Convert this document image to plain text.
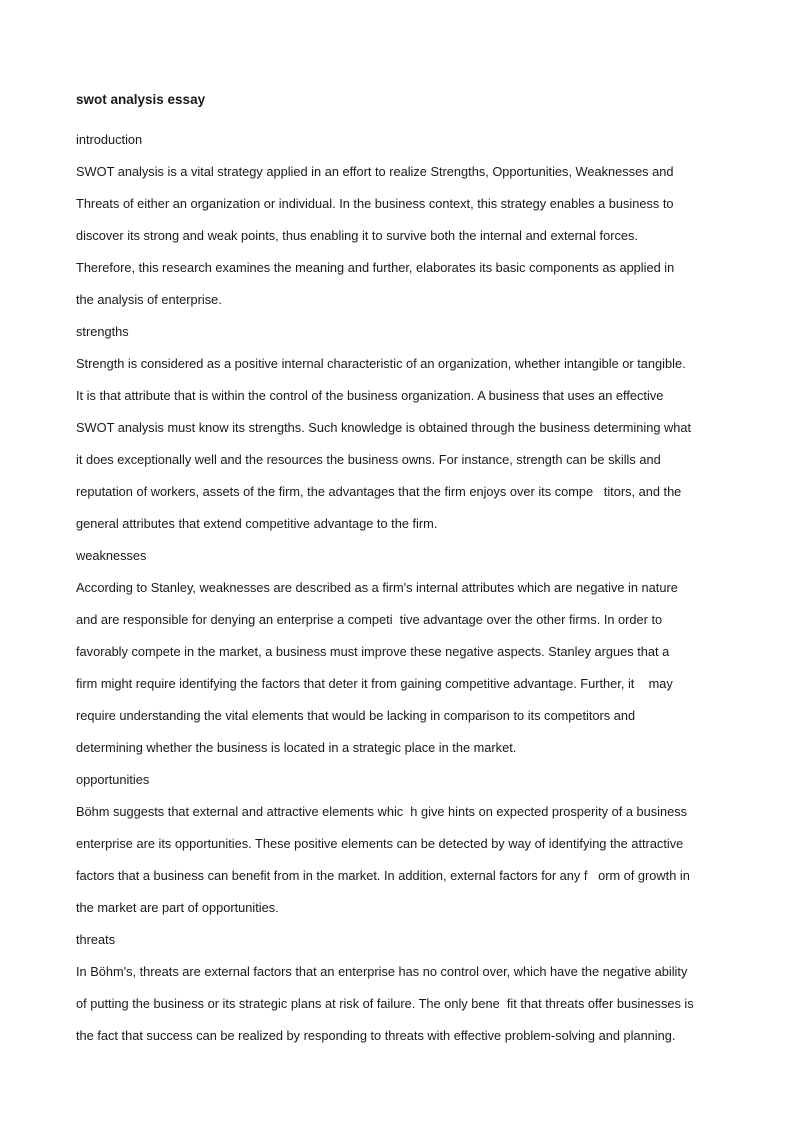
swot analysis essay
introduction
SWOT analysis is a vital strategy applied in an effort to realize Strengths, Opportunities, Weaknesses and
Threats of either an organization or individual. In the business context, this strategy enables a business to
discover its strong and weak points, thus enabling it to survive both the internal and external forces.
Therefore, this research examines the meaning and further, elaborates its basic components as applied in
the analysis of enterprise.
strengths
Strength is considered as a positive internal characteristic of an organization, whether intangible or tangible.
It is that attribute that is within the control of the business organization. A business that uses an effective
SWOT analysis must know its strengths. Such knowledge is obtained through the business determining what
it does exceptionally well and the resources the business owns. For instance, strength can be skills and
reputation of workers, assets of the firm, the advantages that the firm enjoys over its compe   titors, and the
general attributes that extend competitive advantage to the firm.
weaknesses
According to Stanley, weaknesses are described as a firm's internal attributes which are negative in nature
and are responsible for denying an enterprise a competi  tive advantage over the other firms. In order to
favorably compete in the market, a business must improve these negative aspects. Stanley argues that a
firm might require identifying the factors that deter it from gaining competitive advantage. Further, it    may
require understanding the vital elements that would be lacking in comparison to its competitors and
determining whether the business is located in a strategic place in the market.
opportunities
Böhm suggests that external and attractive elements whic  h give hints on expected prosperity of a business
enterprise are its opportunities. These positive elements can be detected by way of identifying the attractive
factors that a business can benefit from in the market. In addition, external factors for any f   orm of growth in
the market are part of opportunities.
threats
In Böhm's, threats are external factors that an enterprise has no control over, which have the negative ability
of putting the business or its strategic plans at risk of failure. The only bene  fit that threats offer businesses is
the fact that success can be realized by responding to threats with effective problem-solving and planning.
